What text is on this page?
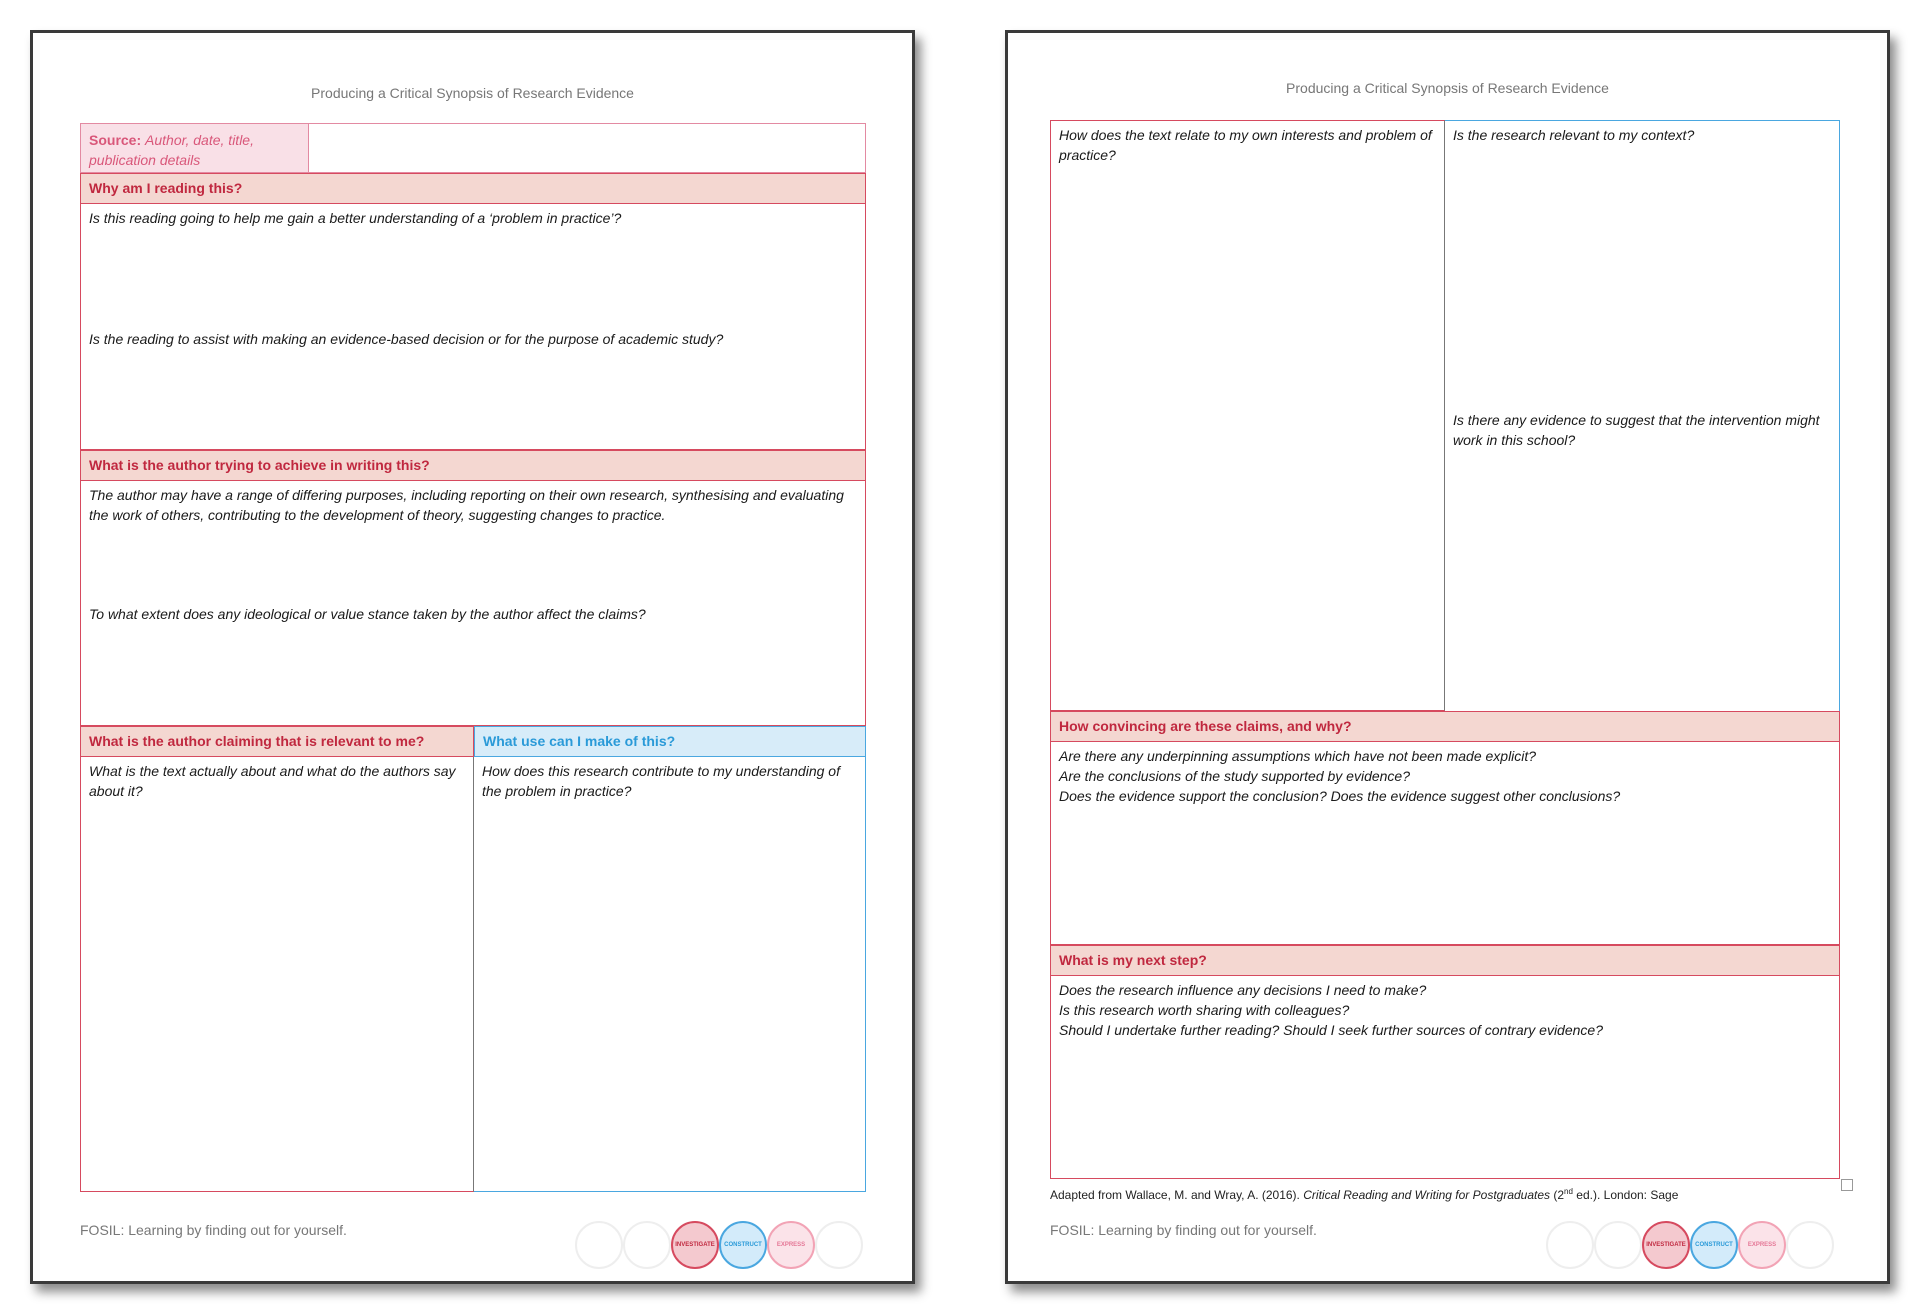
Producing a Critical Synopsis of Research Evidence
Source: Author, date, title, publication details
Why am I reading this?
Is this reading going to help me gain a better understanding of a ‘problem in practice’?
Is the reading to assist with making an evidence-based decision or for the purpose of academic study?
What is the author trying to achieve in writing this?
The author may have a range of differing purposes, including reporting on their own research, synthesising and evaluating the work of others, contributing to the development of theory, suggesting changes to practice.
To what extent does any ideological or value stance taken by the author affect the claims?
What is the author claiming that is relevant to me?	What use can I make of this?
What is the text actually about and what do the authors say about it?
How does this research contribute to my understanding of the problem in practice?
FOSIL: Learning by finding out for yourself.
INVESTIGATE	CONSTRUCT	EXPRESS
Producing a Critical Synopsis of Research Evidence
How does the text relate to my own interests and problem of practice?
Is the research relevant to my context?
Is there any evidence to suggest that the intervention might work in this school?
How convincing are these claims, and why?
Are there any underpinning assumptions which have not been made explicit?
Are the conclusions of the study supported by evidence?
Does the evidence support the conclusion? Does the evidence suggest other conclusions?
What is my next step?
Does the research influence any decisions I need to make?
Is this research worth sharing with colleagues?
Should I undertake further reading? Should I seek further sources of contrary evidence?
Adapted from Wallace, M. and Wray, A. (2016). Critical Reading and Writing for Postgraduates (2nd ed.). London: Sage
FOSIL: Learning by finding out for yourself.
INVESTIGATE	CONSTRUCT	EXPRESS
